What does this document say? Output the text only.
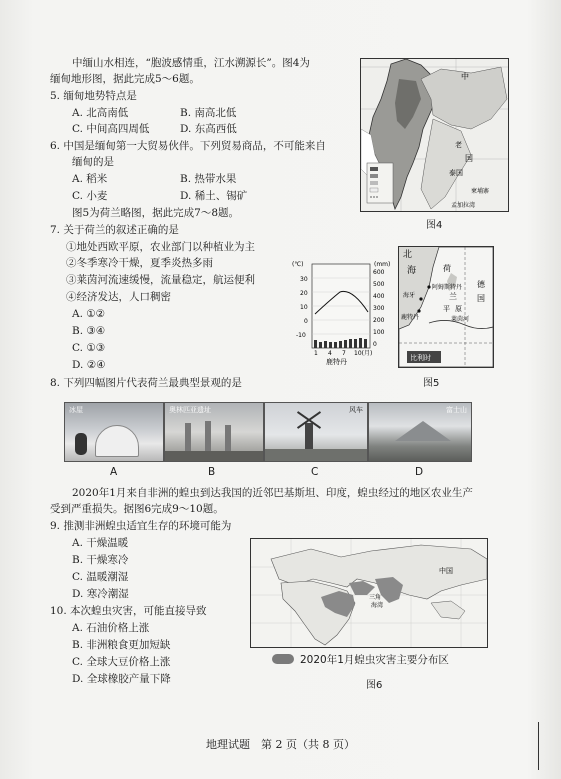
中缅山水相连，“胞波感情重，江水溯源长”。图4为
缅甸地形图，据此完成5～6题。
5. 缅甸地势特点是
A. 北高南低	B. 南高北低
C. 中间高四周低	D. 东高西低
6. 中国是缅甸第一大贸易伙伴。下列贸易商品，不可能来自
缅甸的是
A. 稻米	B. 热带水果
C. 小麦	D. 稀土、锡矿
图5为荷兰略图，据此完成7～8题。
中
国
老
泰国
柬埔寨
孟加拉湾
图4
7. 关于荷兰的叙述正确的是
①地处西欧平原，农业部门以种植业为主
②冬季寒冷干燥，夏季炎热多雨
③莱茵河流速缓慢，流量稳定，航运便利
④经济发达，人口稠密
A. ①②
B. ③④
C. ①③
D. ②④
(℃)	(mm)
30
20
10
0
-10
600
500
400
300
200
100
0
1 4 7 10(月)
鹿特丹
北
海
海牙
阿姆斯特丹
鹿特丹	莱茵河
德
国
荷
兰
平 原
比利时
图5
8. 下列四幅图片代表荷兰最典型景观的是
冰屋	奥林匹亚遗址	风车	富士山
A	B	C	D
2020年1月来自非洲的蝗虫到达我国的近邻巴基斯坦、印度，蝗虫经过的地区农业生产
受到严重损失。据图6完成9～10题。
9. 推测非洲蝗虫适宜生存的环境可能为
A. 干燥温暖
B. 干燥寒冷
C. 温暖潮湿
D. 寒冷潮湿
10. 本次蝗虫灾害，可能直接导致
A. 石油价格上涨
B. 非洲粮食更加短缺
C. 全球大豆价格上涨
D. 全球橡胶产量下降
中国
三角
海湾
2020年1月蝗虫灾害主要分布区
图6
地理试题　第 2 页（共 8 页）
